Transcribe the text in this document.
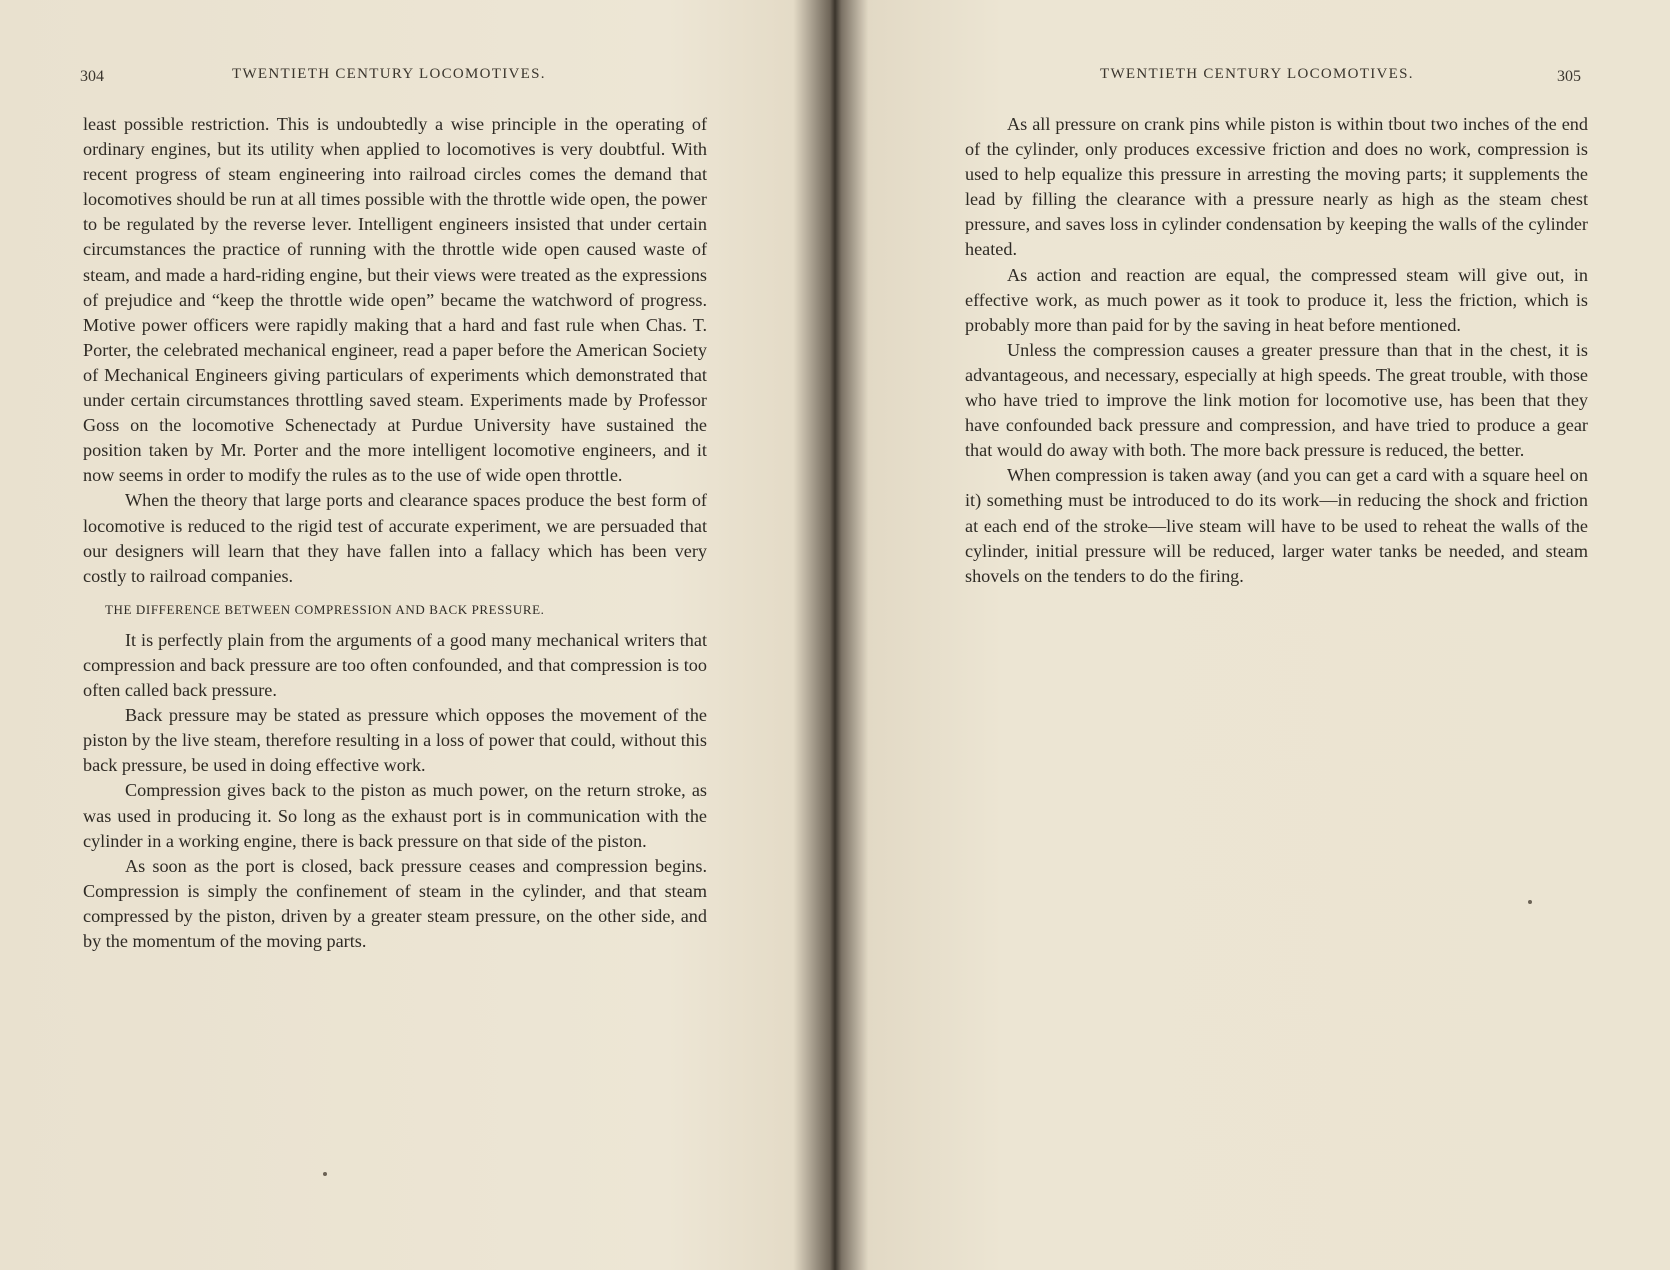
304	TWENTIETH CENTURY LOCOMOTIVES.

least possible restriction. This is undoubtedly a wise principle in the operating of ordinary engines, but its utility when applied to locomotives is very doubtful. With recent progress of steam engineering into railroad circles comes the demand that locomotives should be run at all times possible with the throttle wide open, the power to be regulated by the reverse lever. Intelligent engineers insisted that under certain circumstances the practice of running with the throttle wide open caused waste of steam, and made a hard-riding engine, but their views were treated as the expressions of prejudice and “keep the throttle wide open” became the watchword of progress. Motive power officers were rapidly making that a hard and fast rule when Chas. T. Porter, the celebrated mechanical engineer, read a paper before the American Society of Mechanical Engineers giving particulars of experiments which demonstrated that under certain circumstances throttling saved steam. Experiments made by Professor Goss on the locomotive Schenectady at Purdue University have sustained the position taken by Mr. Porter and the more intelligent locomotive engineers, and it now seems in order to modify the rules as to the use of wide open throttle.

When the theory that large ports and clearance spaces produce the best form of locomotive is reduced to the rigid test of accurate experiment, we are persuaded that our designers will learn that they have fallen into a fallacy which has been very costly to railroad companies.

THE DIFFERENCE BETWEEN COMPRESSION AND BACK PRESSURE.

It is perfectly plain from the arguments of a good many mechanical writers that compression and back pressure are too often confounded, and that compression is too often called back pressure.

Back pressure may be stated as pressure which opposes the movement of the piston by the live steam, therefore resulting in a loss of power that could, without this back pressure, be used in doing effective work.

Compression gives back to the piston as much power, on the return stroke, as was used in producing it. So long as the exhaust port is in communication with the cylinder in a working engine, there is back pressure on that side of the piston.

As soon as the port is closed, back pressure ceases and compression begins. Compression is simply the confinement of steam in the cylinder, and that steam compressed by the piston, driven by a greater steam pressure, on the other side, and by the momentum of the moving parts.

TWENTIETH CENTURY LOCOMOTIVES.	305

As all pressure on crank pins while piston is within tbout two inches of the end of the cylinder, only produces excessive friction and does no work, compression is used to help equalize this pressure in arresting the moving parts; it supplements the lead by filling the clearance with a pressure nearly as high as the steam chest pressure, and saves loss in cylinder condensation by keeping the walls of the cylinder heated.

As action and reaction are equal, the compressed steam will give out, in effective work, as much power as it took to produce it, less the friction, which is probably more than paid for by the saving in heat before mentioned.

Unless the compression causes a greater pressure than that in the chest, it is advantageous, and necessary, especially at high speeds. The great trouble, with those who have tried to improve the link motion for locomotive use, has been that they have confounded back pressure and compression, and have tried to produce a gear that would do away with both. The more back pressure is reduced, the better.

When compression is taken away (and you can get a card with a square heel on it) something must be introduced to do its work—in reducing the shock and friction at each end of the stroke—live steam will have to be used to reheat the walls of the cylinder, initial pressure will be reduced, larger water tanks be needed, and steam shovels on the tenders to do the firing.
